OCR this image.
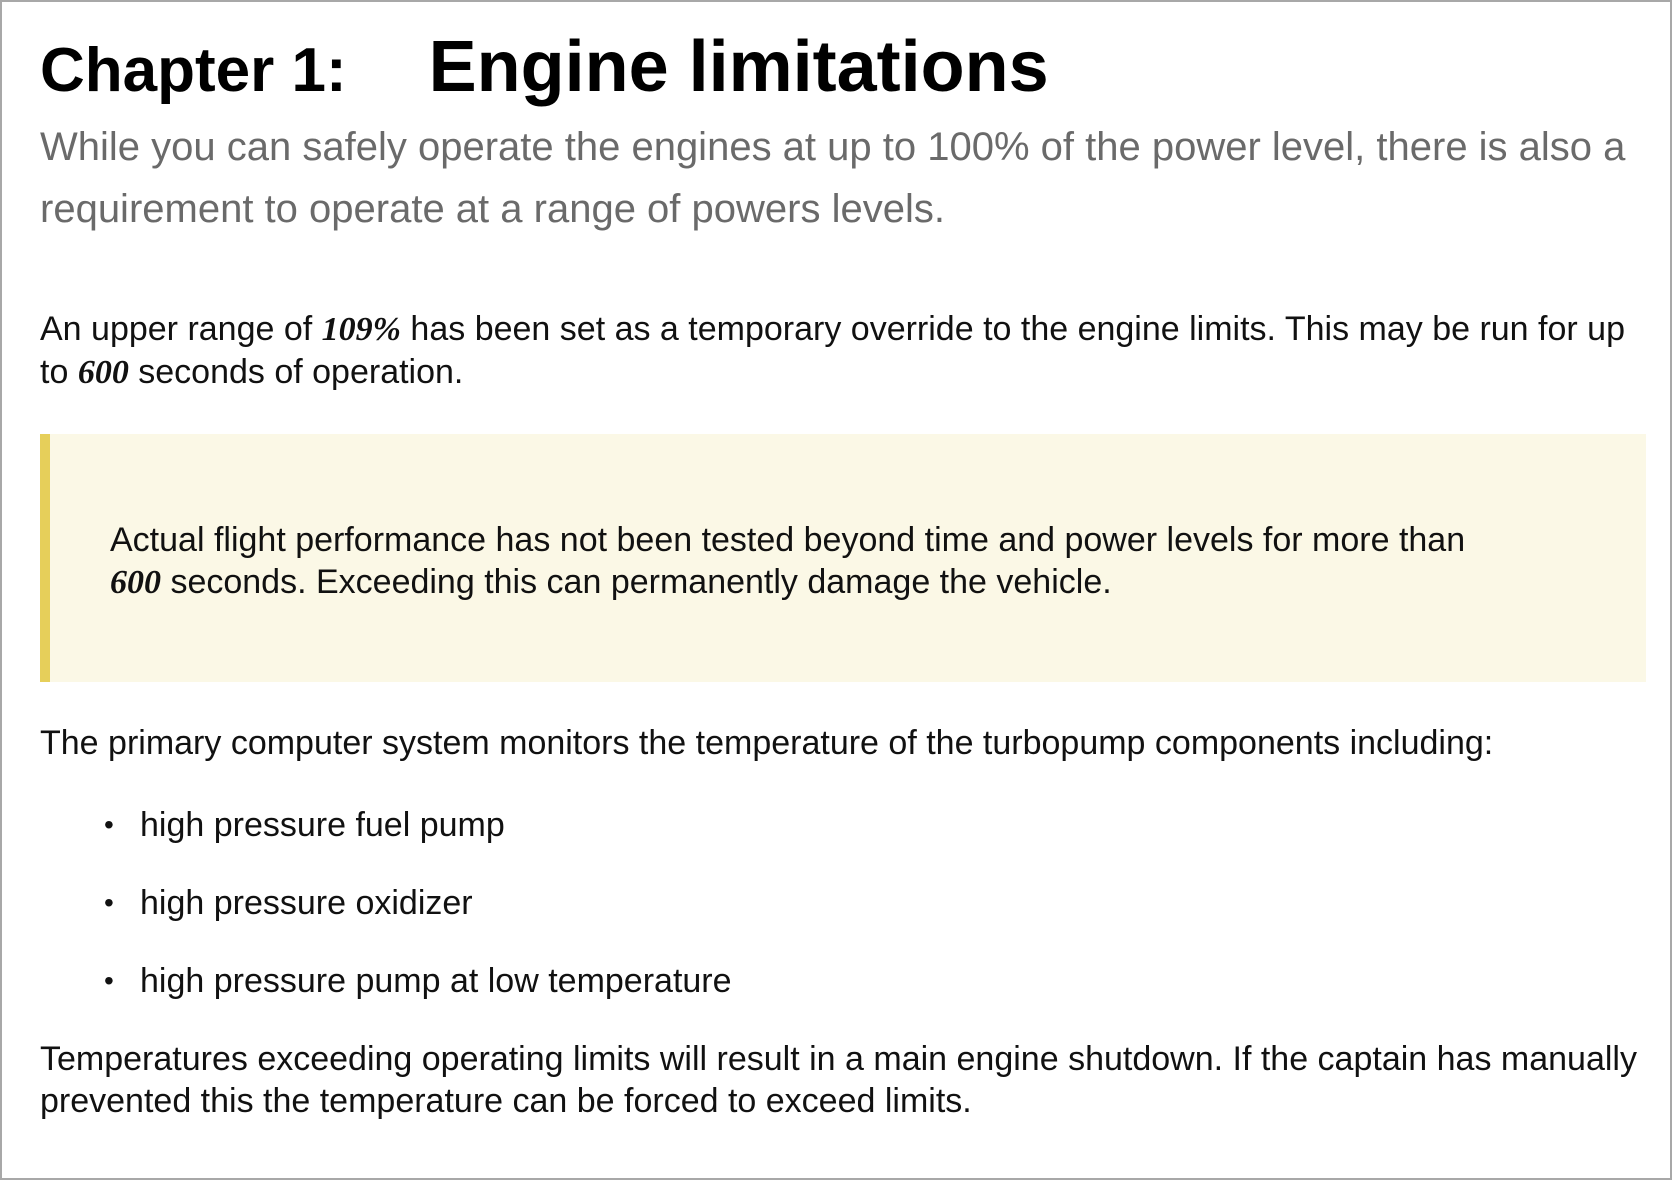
Chapter 1: Engine limitations

While you can safely operate the engines at up to 100% of the power level, there is also a requirement to operate at a range of powers levels.

An upper range of 109% has been set as a temporary override to the engine limits. This may be run for up to 600 seconds of operation.

Actual flight performance has not been tested beyond time and power levels for more than 600 seconds. Exceeding this can permanently damage the vehicle.

The primary computer system monitors the temperature of the turbopump components including:

• high pressure fuel pump
• high pressure oxidizer
• high pressure pump at low temperature

Temperatures exceeding operating limits will result in a main engine shutdown. If the captain has manually prevented this the temperature can be forced to exceed limits.
